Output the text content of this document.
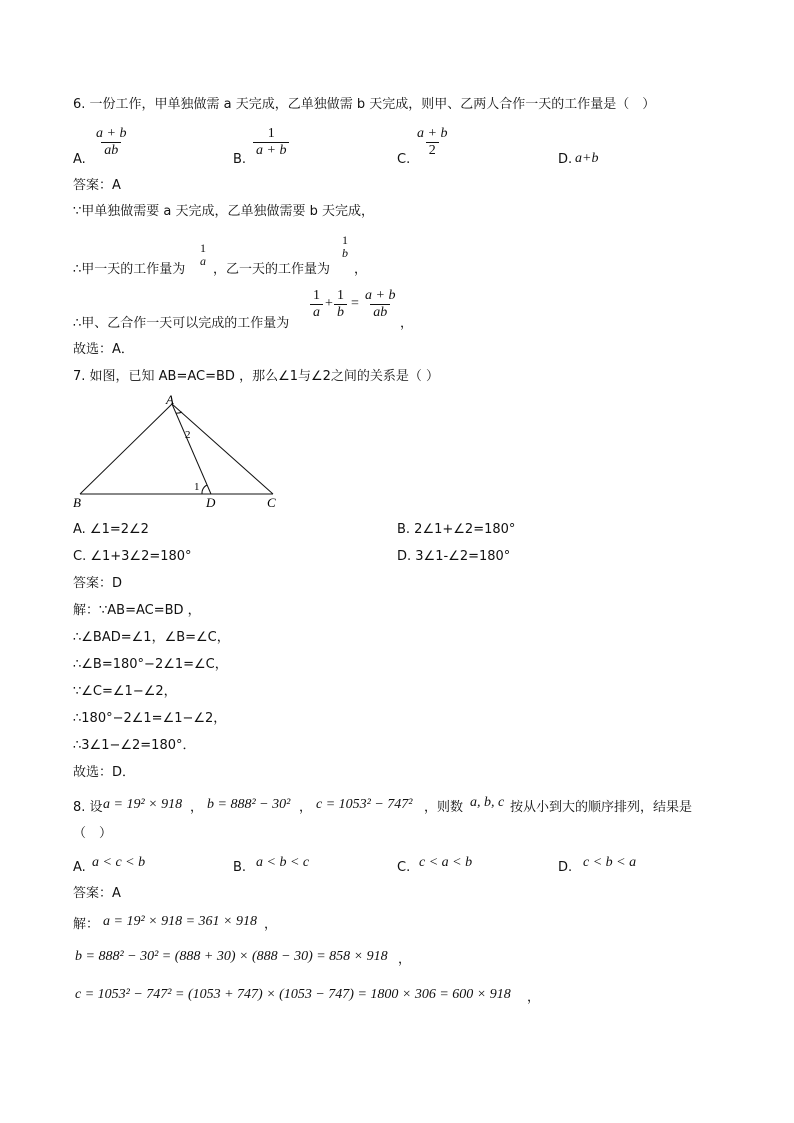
6. 一份工作，甲单独做需 a 天完成，乙单独做需 b 天完成，则甲、乙两人合作一天的工作量是（　）
$\frac{a + b}{ab}$
A.
$\frac{1}{a + b}$
B.
$\frac{a + b}{2}$
C.	D. a+b
答案：A
∵甲单独做需要 a 天完成，乙单独做需要 b 天完成，
∴甲一天的工作量为
1
a
，乙一天的工作量为
1
b
，
∴甲、乙合作一天可以完成的工作量为
$\frac{1}{a} + \frac{1}{b} = \frac{a + b}{ab}$
，
故选：A．
7. 如图，已知 AB=AC=BD ，那么∠1与∠2之间的关系是（ ）
A
B	C
D
1
2
A. ∠1=2∠2	B. 2∠1+∠2=180°
C. ∠1+3∠2=180°	D. 3∠1-∠2=180°
答案：D
解：∵AB=AC=BD ，
∴∠BAD=∠1，∠B=∠C，
∴∠B=180°−2∠1=∠C，
∵∠C=∠1−∠2，
∴180°−2∠1=∠1−∠2，
∴3∠1−∠2=180°．
故选：D．
8. 设 a = 19² × 918 ， b = 888² − 30² ， c = 1053² − 747² ，则数 a, b, c 按从小到大的顺序排列，结果是
（　）
A. a < c < b	B. a < b < c	C. c < a < b	D. c < b < a
答案：A
解： a = 19² × 918 = 361 × 918 ，
b = 888² − 30² = (888 + 30) × (888 − 30) = 858 × 918 ，
c = 1053² − 747² = (1053 + 747) × (1053 − 747) = 1800 × 306 = 600 × 918 ，
